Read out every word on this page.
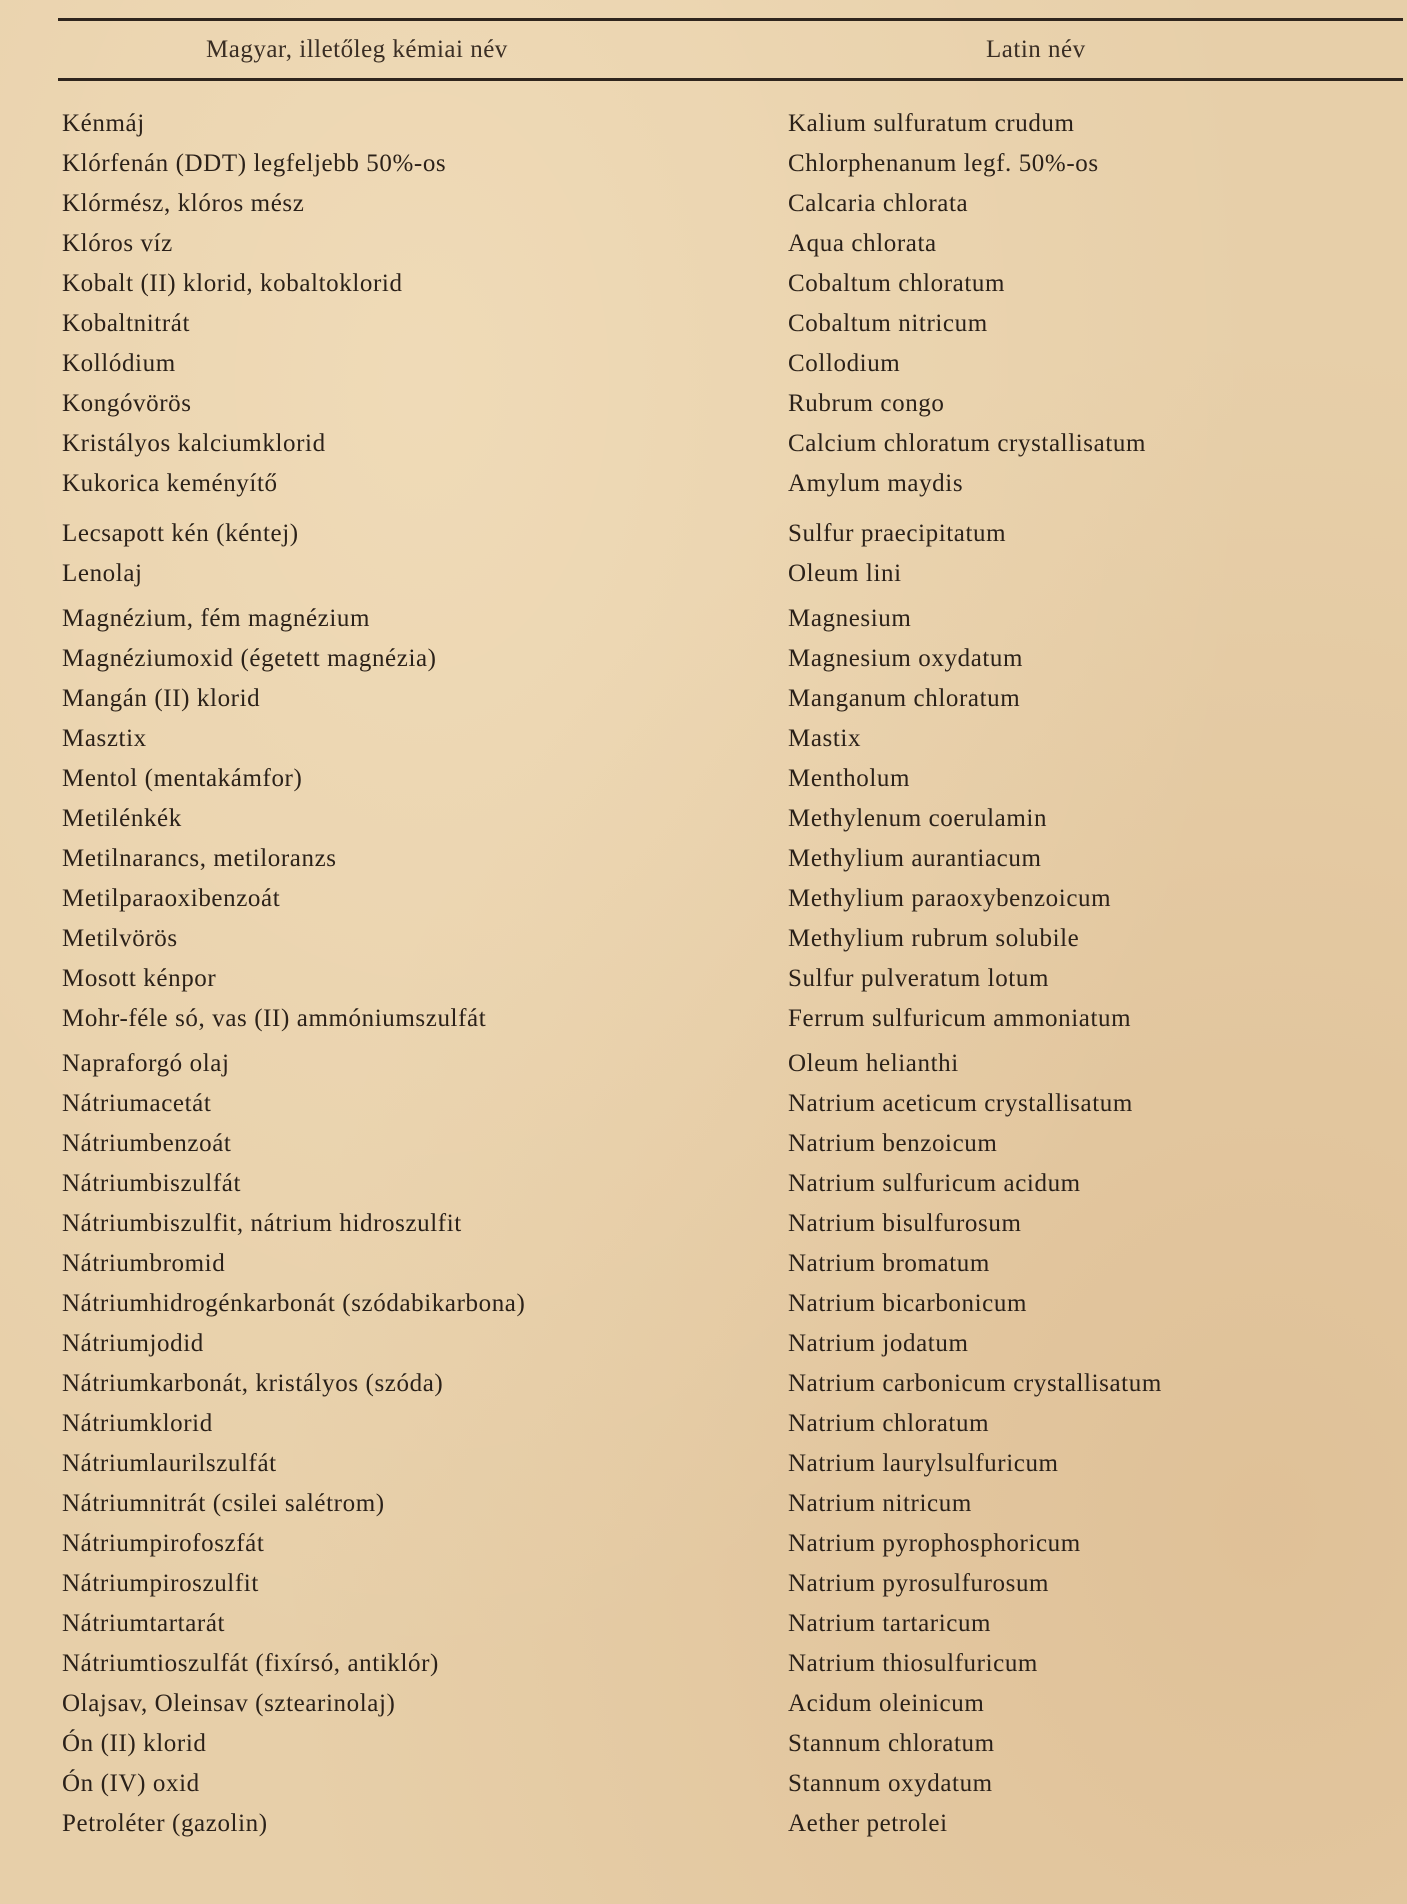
Magyar, illetőleg kémiai név	Latin név
Kénmáj	Kalium sulfuratum crudum
Klórfenán (DDT) legfeljebb 50%-os	Chlorphenanum legf. 50%-os
Klórmész, klóros mész	Calcaria chlorata
Klóros víz	Aqua chlorata
Kobalt (II) klorid, kobaltoklorid	Cobaltum chloratum
Kobaltnitrát	Cobaltum nitricum
Kollódium	Collodium
Kongóvörös	Rubrum congo
Kristályos kalciumklorid	Calcium chloratum crystallisatum
Kukorica keményítő	Amylum maydis
Lecsapott kén (kéntej)	Sulfur praecipitatum
Lenolaj	Oleum lini
Magnézium, fém magnézium	Magnesium
Magnéziumoxid (égetett magnézia)	Magnesium oxydatum
Mangán (II) klorid	Manganum chloratum
Masztix	Mastix
Mentol (mentakámfor)	Mentholum
Metilénkék	Methylenum coerulamin
Metilnarancs, metiloranzs	Methylium aurantiacum
Metilparaoxibenzoát	Methylium paraoxybenzoicum
Metilvörös	Methylium rubrum solubile
Mosott kénpor	Sulfur pulveratum lotum
Mohr-féle só, vas (II) ammóniumszulfát	Ferrum sulfuricum ammoniatum
Napraforgó olaj	Oleum helianthi
Nátriumacetát	Natrium aceticum crystallisatum
Nátriumbenzoát	Natrium benzoicum
Nátriumbiszulfát	Natrium sulfuricum acidum
Nátriumbiszulfit, nátrium hidroszulfit	Natrium bisulfurosum
Nátriumbromid	Natrium bromatum
Nátriumhidrogénkarbonát (szódabikarbona)	Natrium bicarbonicum
Nátriumjodid	Natrium jodatum
Nátriumkarbonát, kristályos (szóda)	Natrium carbonicum crystallisatum
Nátriumklorid	Natrium chloratum
Nátriumlaurilszulfát	Natrium laurylsulfuricum
Nátriumnitrát (csilei salétrom)	Natrium nitricum
Nátriumpirofoszfát	Natrium pyrophosphoricum
Nátriumpiroszulfit	Natrium pyrosulfurosum
Nátriumtartarát	Natrium tartaricum
Nátriumtioszulfát (fixírsó, antiklór)	Natrium thiosulfuricum
Olajsav, Oleinsav (sztearinolaj)	Acidum oleinicum
Ón (II) klorid	Stannum chloratum
Ón (IV) oxid	Stannum oxydatum
Petroléter (gazolin)	Aether petrolei
